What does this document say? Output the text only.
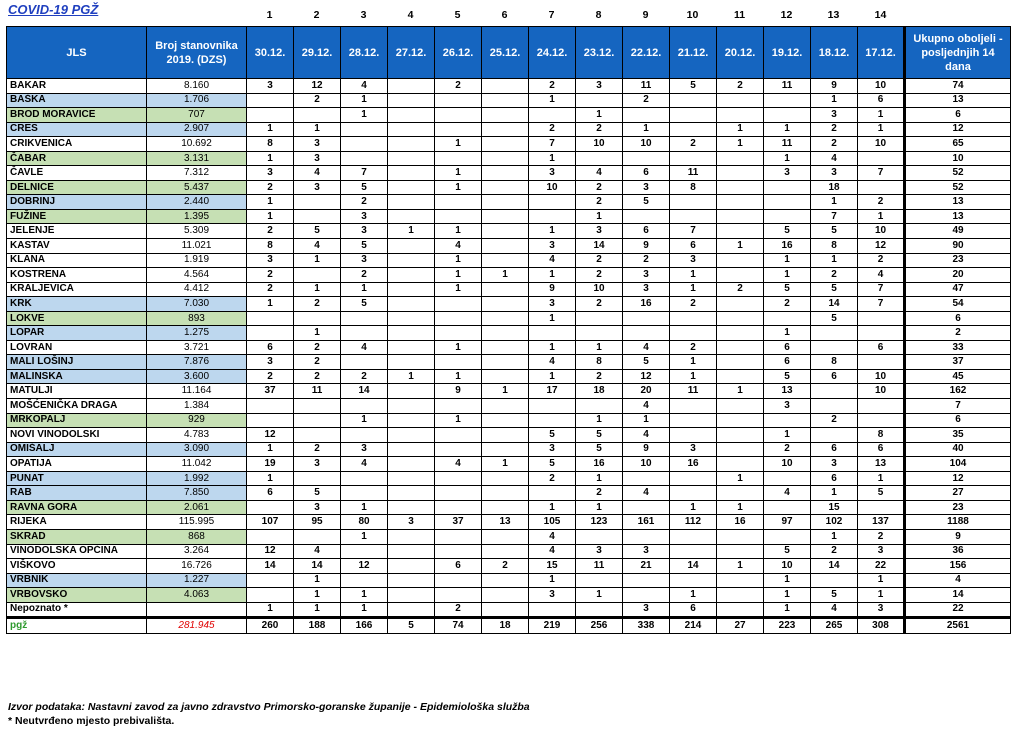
COVID-19 PGŽ
			1	2	3	4	5	6	7	8	9	10	11	12	13	14	
JLS	Broj stanovnika 2019. (DZS)	30.12.	29.12.	28.12.	27.12.	26.12.	25.12.	24.12.	23.12.	22.12.	21.12.	20.12.	19.12.	18.12.	17.12.	Ukupno oboljeli - posljednjih 14 dana
BAKAR	8.160	3	12	4		2		2	3	11	5	2	11	9	10	74
BAŠKA	1.706		2	1				1		2				1	6	13
BROD MORAVICE	707			1					1					3	1	6
CRES	2.907	1	1					2	2	1		1	1	2	1	12
CRIKVENICA	10.692	8	3			1		7	10	10	2	1	11	2	10	65
ČABAR	3.131	1	3					1					1	4		10
ČAVLE	7.312	3	4	7		1		3	4	6	11		3	3	7	52
DELNICE	5.437	2	3	5		1		10	2	3	8			18		52
DOBRINJ	2.440	1		2					2	5				1	2	13
FUŽINE	1.395	1		3					1					7	1	13
JELENJE	5.309	2	5	3	1	1		1	3	6	7		5	5	10	49
KASTAV	11.021	8	4	5		4		3	14	9	6	1	16	8	12	90
KLANA	1.919	3	1	3		1		4	2	2	3		1	1	2	23
KOSTRENA	4.564	2		2		1	1	1	2	3	1		1	2	4	20
KRALJEVICA	4.412	2	1	1		1		9	10	3	1	2	5	5	7	47
KRK	7.030	1	2	5				3	2	16	2		2	14	7	54
LOKVE	893							1						5		6
LOPAR	1.275		1										1			2
LOVRAN	3.721	6	2	4		1		1	1	4	2		6		6	33
MALI LOŠINJ	7.876	3	2					4	8	5	1		6	8		37
MALINSKA	3.600	2	2	2	1	1		1	2	12	1		5	6	10	45
MATULJI	11.164	37	11	14		9	1	17	18	20	11	1	13		10	162
MOŠĆENIČKA DRAGA	1.384									4			3			7
MRKOPALJ	929			1		1			1	1				2		6
NOVI VINODOLSKI	4.783	12						5	5	4			1		8	35
OMIŠALJ	3.090	1	2	3				3	5	9	3		2	6	6	40
OPATIJA	11.042	19	3	4		4	1	5	16	10	16		10	3	13	104
PUNAT	1.992	1						2	1			1		6	1	12
RAB	7.850	6	5						2	4			4	1	5	27
RAVNA GORA	2.061		3	1				1	1		1	1		15		23
RIJEKA	115.995	107	95	80	3	37	13	105	123	161	112	16	97	102	137	1188
SKRAD	868			1				4						1	2	9
VINODOLSKA OPĆINA	3.264	12	4					4	3	3			5	2	3	36
VIŠKOVO	16.726	14	14	12		6	2	15	11	21	14	1	10	14	22	156
VRBNIK	1.227		1					1					1		1	4
VRBOVSKO	4.063		1	1				3	1		1		1	5	1	14
Nepoznato *		1	1	1		2				3	6		1	4	3	22
pgž	281.945	260	188	166	5	74	18	219	256	338	214	27	223	265	308	2561
Izvor podataka: Nastavni zavod za javno zdravstvo Primorsko-goranske županije - Epidemiološka služba
* Neutvrđeno mjesto prebivališta.
